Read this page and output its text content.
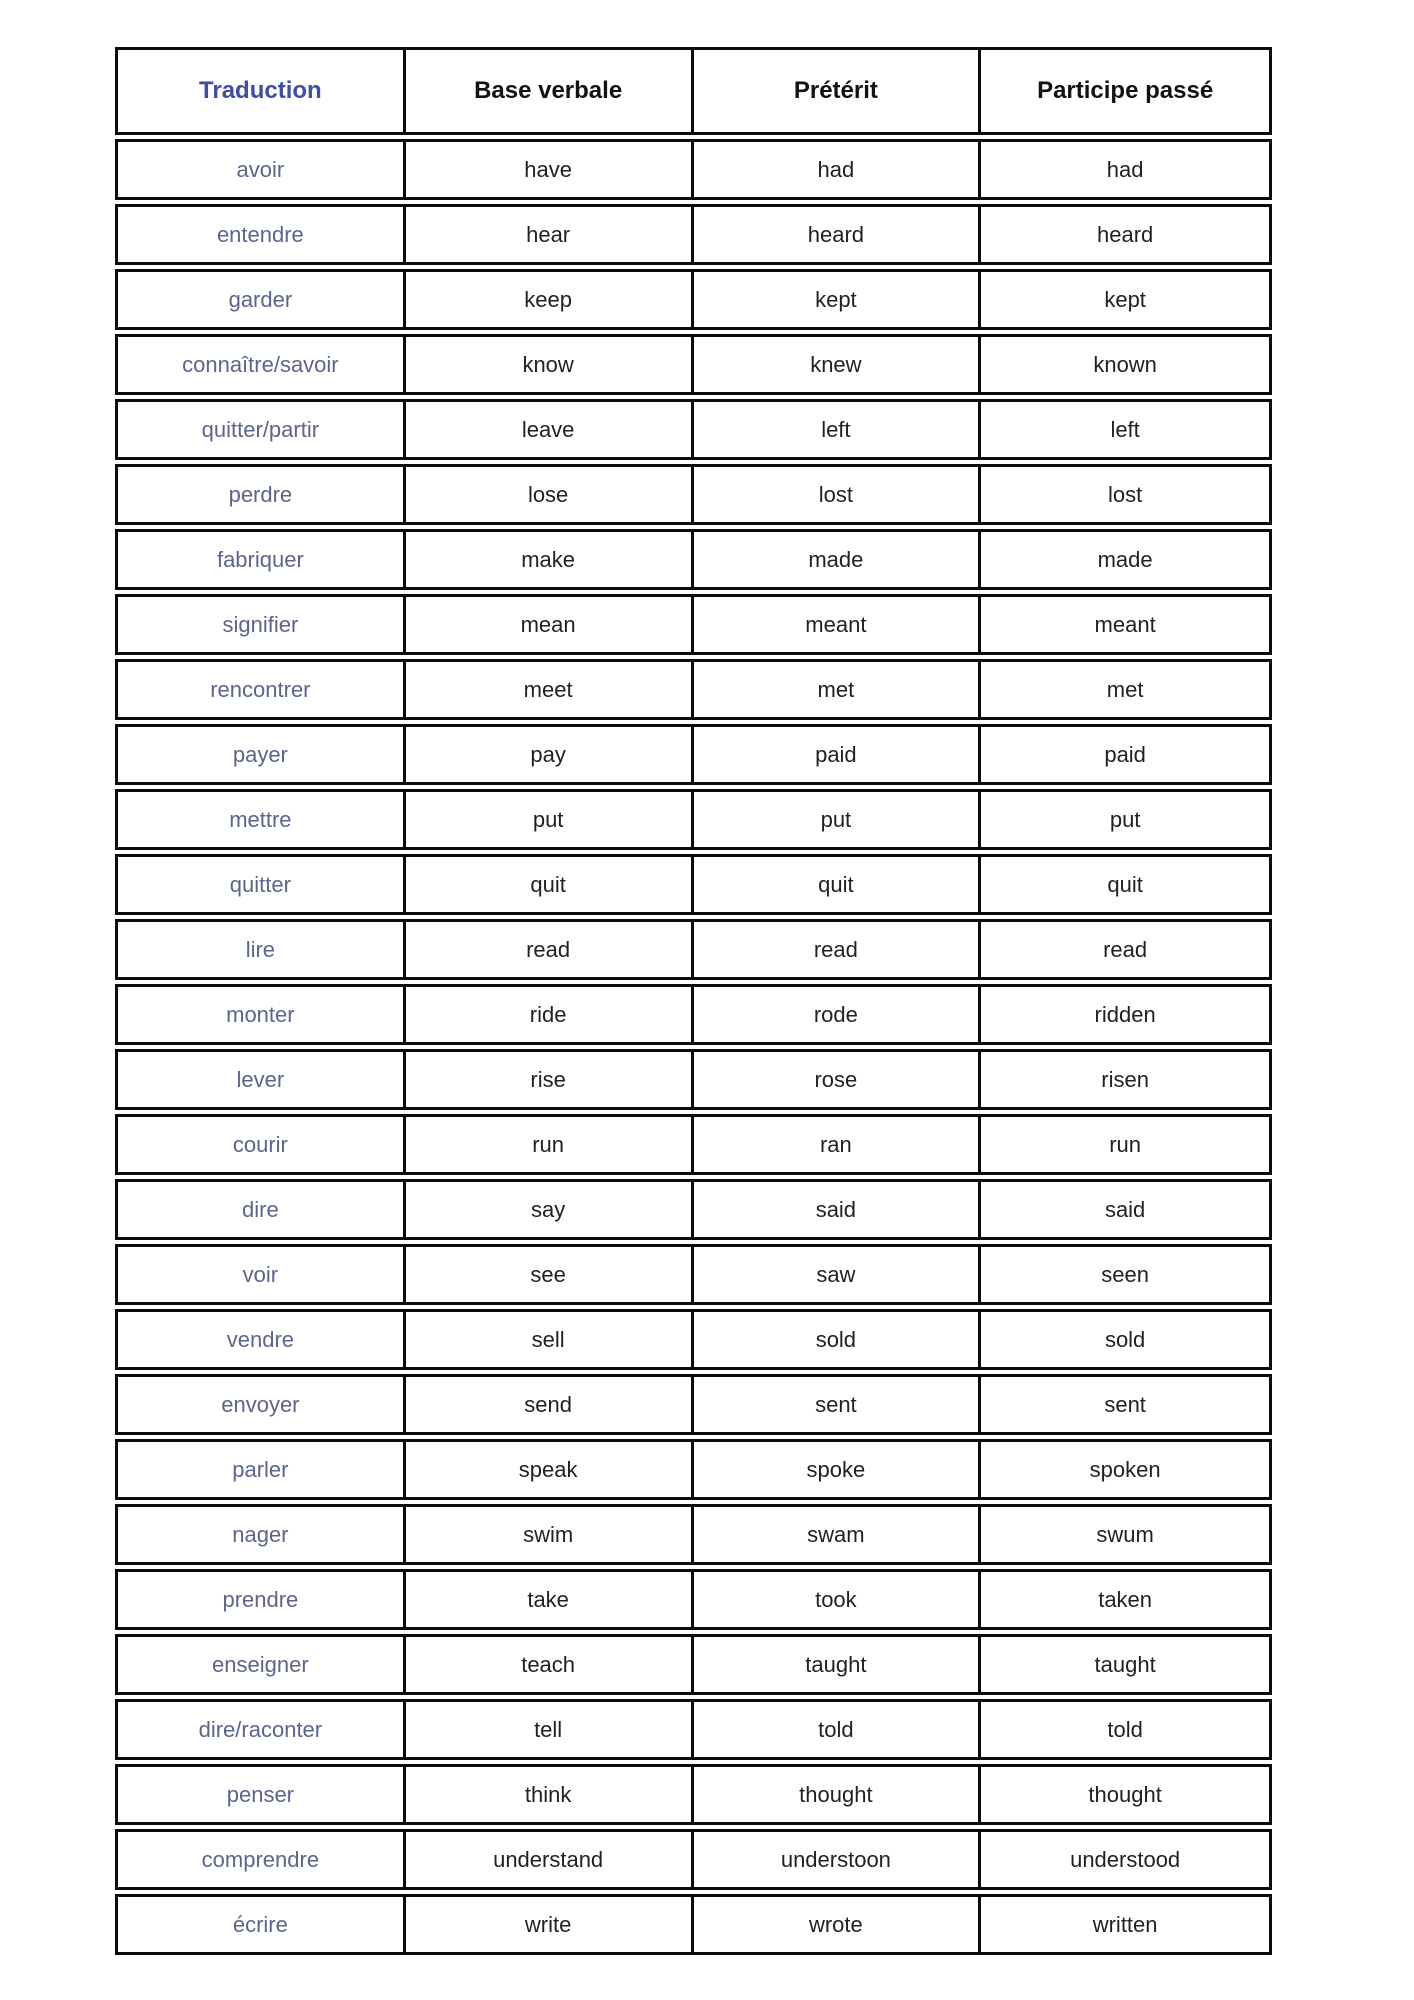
Traduction	Base verbale	Prétérit	Participe passé
avoir	have	had	had
entendre	hear	heard	heard
garder	keep	kept	kept
connaître/savoir	know	knew	known
quitter/partir	leave	left	left
perdre	lose	lost	lost
fabriquer	make	made	made
signifier	mean	meant	meant
rencontrer	meet	met	met
payer	pay	paid	paid
mettre	put	put	put
quitter	quit	quit	quit
lire	read	read	read
monter	ride	rode	ridden
lever	rise	rose	risen
courir	run	ran	run
dire	say	said	said
voir	see	saw	seen
vendre	sell	sold	sold
envoyer	send	sent	sent
parler	speak	spoke	spoken
nager	swim	swam	swum
prendre	take	took	taken
enseigner	teach	taught	taught
dire/raconter	tell	told	told
penser	think	thought	thought
comprendre	understand	understoon	understood
écrire	write	wrote	written
